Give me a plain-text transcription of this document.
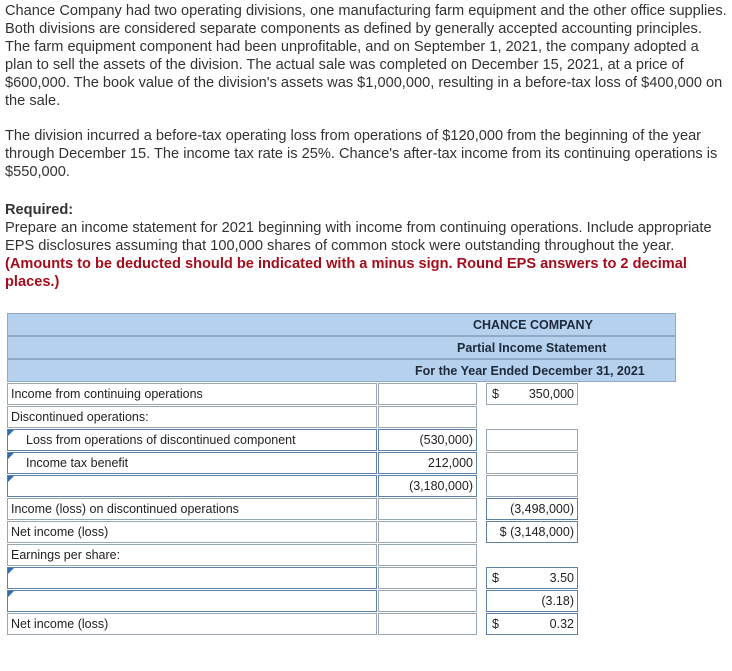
Chance Company had two operating divisions, one manufacturing farm equipment and the other office supplies. Both divisions are considered separate components as defined by generally accepted accounting principles. The farm equipment component had been unprofitable, and on September 1, 2021, the company adopted a plan to sell the assets of the division. The actual sale was completed on December 15, 2021, at a price of $600,000. The book value of the division's assets was $1,000,000, resulting in a before-tax loss of $400,000 on the sale.

The division incurred a before-tax operating loss from operations of $120,000 from the beginning of the year through December 15. The income tax rate is 25%. Chance's after-tax income from its continuing operations is $550,000.

Required:

Prepare an income statement for 2021 beginning with income from continuing operations. Include appropriate EPS disclosures assuming that 100,000 shares of common stock were outstanding throughout the year. (Amounts to be deducted should be indicated with a minus sign. Round EPS answers to 2 decimal places.)

CHANCE COMPANY
Partial Income Statement
For the Year Ended December 31, 2021
Income from continuing operations	$ 350,000
Discontinued operations:
Loss from operations of discontinued component	(530,000)
Income tax benefit	212,000
(3,180,000)
Income (loss) on discontinued operations	(3,498,000)
Net income (loss)	$ (3,148,000)
Earnings per share:
$	3.50
(3.18)
Net income (loss)	$	0.32
